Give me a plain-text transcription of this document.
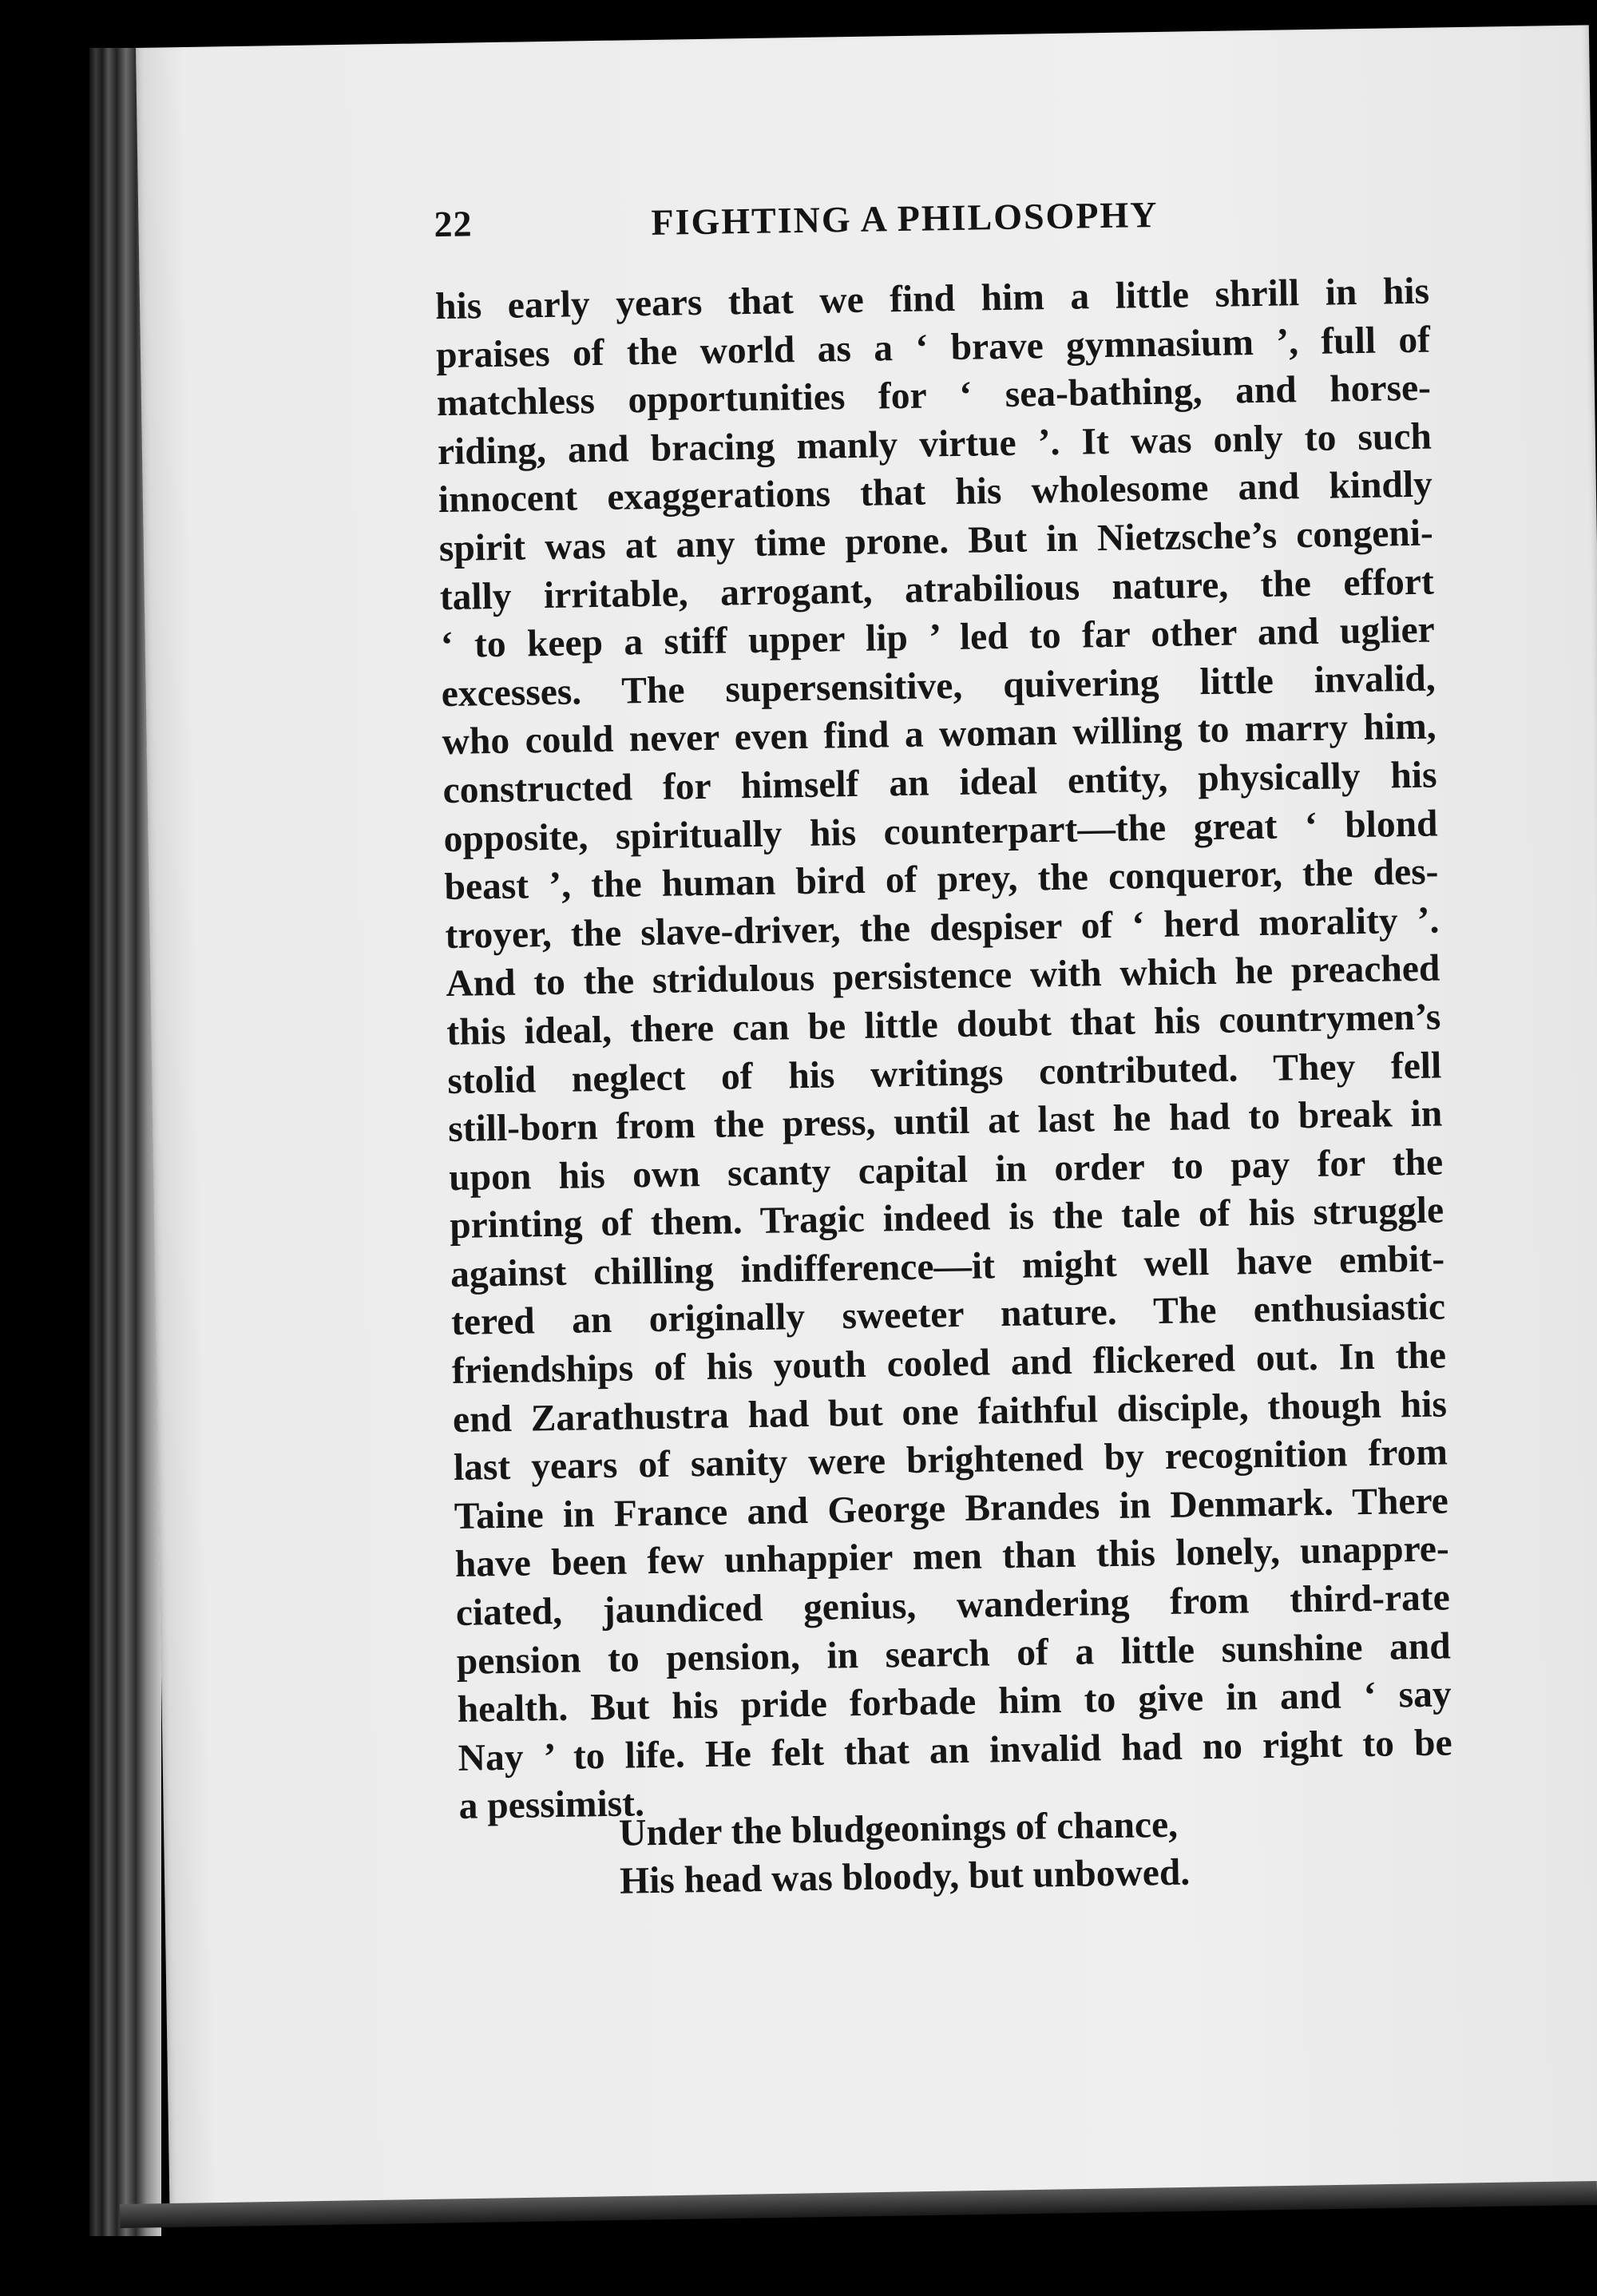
22	FIGHTING A PHILOSOPHY
his early years that we find him a little shrill in his
praises of the world as a ‘ brave gymnasium ’, full of
matchless opportunities for ‘ sea-bathing, and horse-
riding, and bracing manly virtue ’. It was only to such
innocent exaggerations that his wholesome and kindly
spirit was at any time prone. But in Nietzsche’s congeni-
tally irritable, arrogant, atrabilious nature, the effort
‘ to keep a stiff upper lip ’ led to far other and uglier
excesses. The supersensitive, quivering little invalid,
who could never even find a woman willing to marry him,
constructed for himself an ideal entity, physically his
opposite, spiritually his counterpart—the great ‘ blond
beast ’, the human bird of prey, the conqueror, the des-
troyer, the slave-driver, the despiser of ‘ herd morality ’.
And to the stridulous persistence with which he preached
this ideal, there can be little doubt that his countrymen’s
stolid neglect of his writings contributed. They fell
still-born from the press, until at last he had to break in
upon his own scanty capital in order to pay for the
printing of them. Tragic indeed is the tale of his struggle
against chilling indifference—it might well have embit-
tered an originally sweeter nature. The enthusiastic
friendships of his youth cooled and flickered out. In the
end Zarathustra had but one faithful disciple, though his
last years of sanity were brightened by recognition from
Taine in France and George Brandes in Denmark. There
have been few unhappier men than this lonely, unappre-
ciated, jaundiced genius, wandering from third-rate
pension to pension, in search of a little sunshine and
health. But his pride forbade him to give in and ‘ say
Nay ’ to life. He felt that an invalid had no right to be
a pessimist.
Under the bludgeonings of chance,
His head was bloody, but unbowed.
